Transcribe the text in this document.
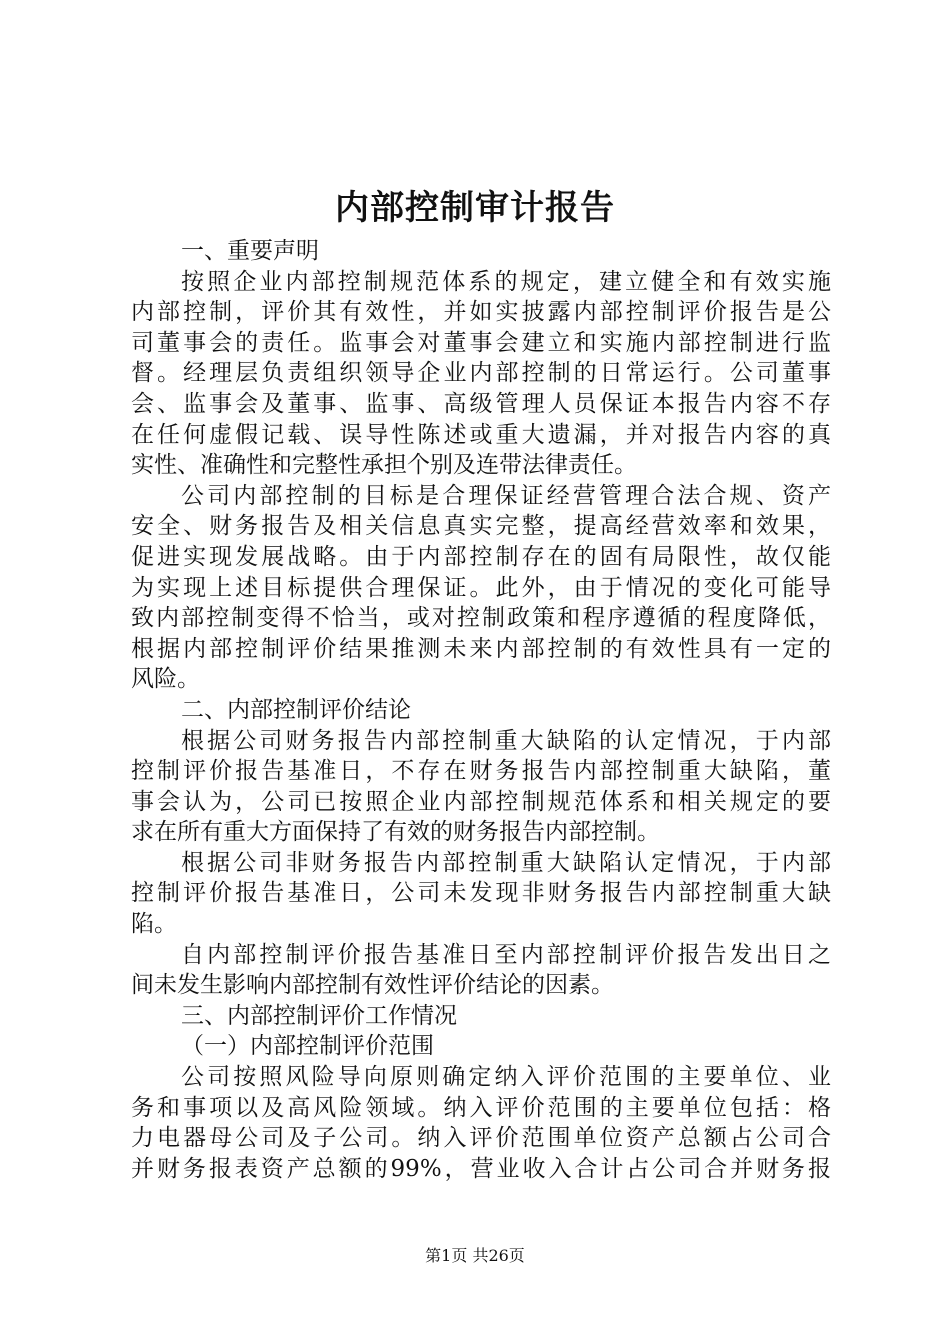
内部控制审计报告
一、重要声明
按照企业内部控制规范体系的规定，建立健全和有效实施
内部控制，评价其有效性，并如实披露内部控制评价报告是公
司董事会的责任。监事会对董事会建立和实施内部控制进行监
督。经理层负责组织领导企业内部控制的日常运行。公司董事
会、监事会及董事、监事、高级管理人员保证本报告内容不存
在任何虚假记载、误导性陈述或重大遗漏，并对报告内容的真
实性、准确性和完整性承担个别及连带法律责任。
公司内部控制的目标是合理保证经营管理合法合规、资产
安全、财务报告及相关信息真实完整，提高经营效率和效果，
促进实现发展战略。由于内部控制存在的固有局限性，故仅能
为实现上述目标提供合理保证。此外，由于情况的变化可能导
致内部控制变得不恰当，或对控制政策和程序遵循的程度降低，
根据内部控制评价结果推测未来内部控制的有效性具有一定的
风险。
二、内部控制评价结论
根据公司财务报告内部控制重大缺陷的认定情况，于内部
控制评价报告基准日，不存在财务报告内部控制重大缺陷，董
事会认为，公司已按照企业内部控制规范体系和相关规定的要
求在所有重大方面保持了有效的财务报告内部控制。
根据公司非财务报告内部控制重大缺陷认定情况，于内部
控制评价报告基准日，公司未发现非财务报告内部控制重大缺
陷。
自内部控制评价报告基准日至内部控制评价报告发出日之
间未发生影响内部控制有效性评价结论的因素。
三、内部控制评价工作情况
（一）内部控制评价范围
公司按照风险导向原则确定纳入评价范围的主要单位、业
务和事项以及高风险领域。纳入评价范围的主要单位包括：格
力电器母公司及子公司。纳入评价范围单位资产总额占公司合
并财务报表资产总额的99%，营业收入合计占公司合并财务报
第1页 共26页
